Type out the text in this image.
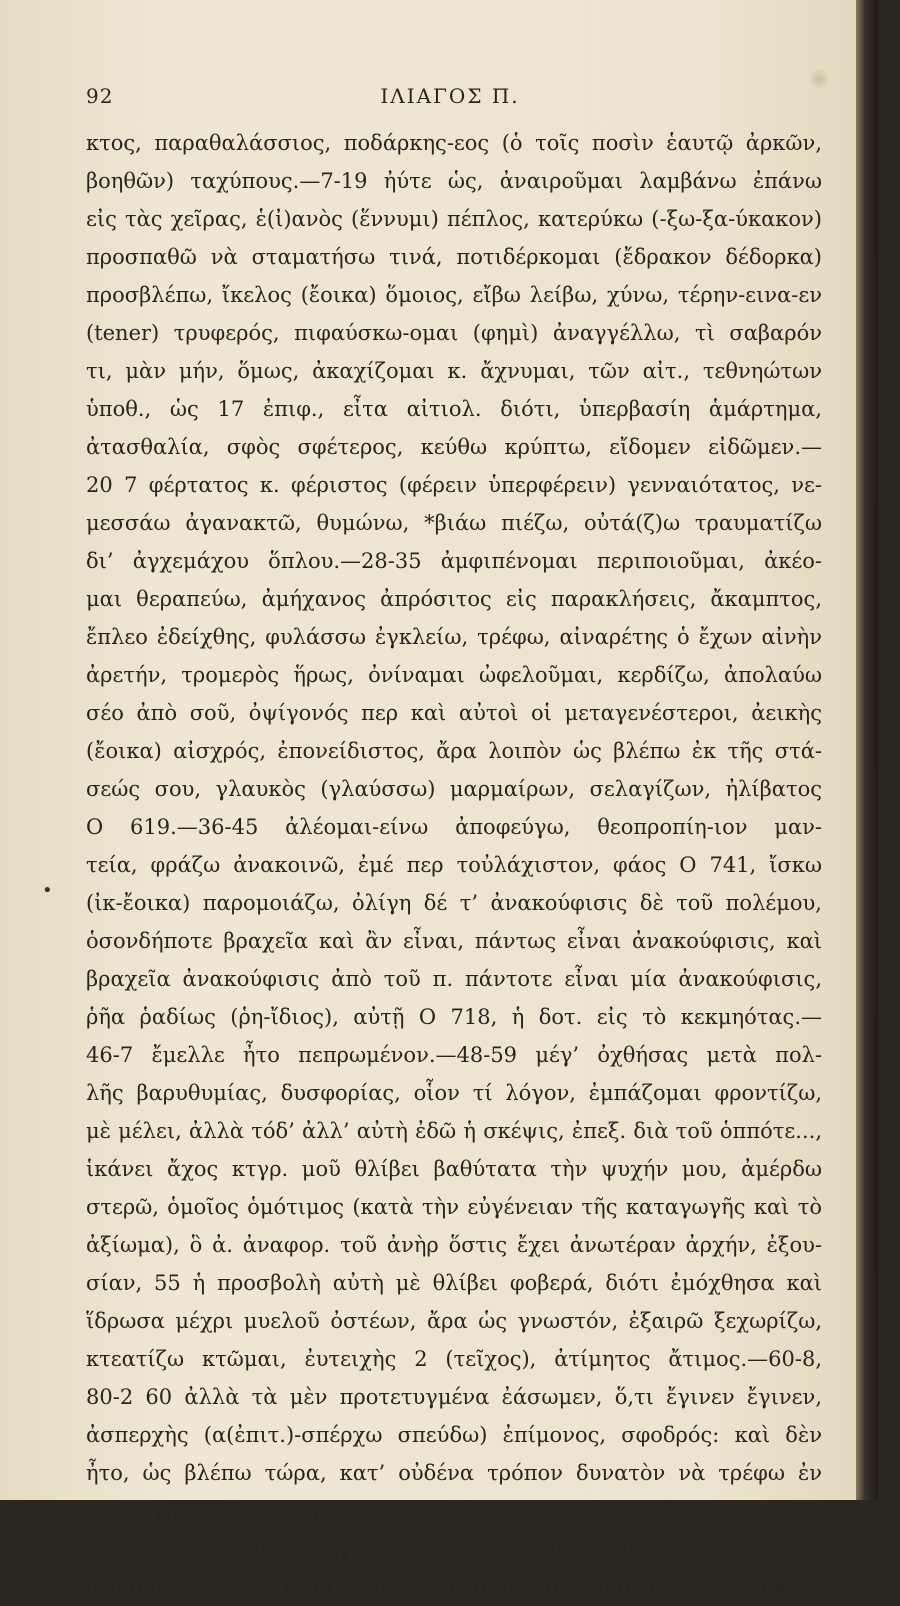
92	ΙΛΙΑΓΟΣ Π.
•
κτος, παραθαλάσσιος, ποδάρκης-εος (ὁ τοῖς ποσὶν ἑαυτῷ ἀρκῶν,
βοηθῶν) ταχύπους.—7-19 ἠύτε ὡς, ἀναιροῦμαι λαμβάνω ἐπάνω
εἰς τὰς χεῖρας, ἑ(ἰ)ανὸς (ἕννυμι) πέπλος, κατερύκω (-ξω-ξα-ύκακον)
προσπαθῶ νὰ σταματήσω τινά, ποτιδέρκομαι (ἔδρακον δέδορκα)
προσβλέπω, ἴκελος (ἔοικα) ὅμοιος, εἴβω λείβω, χύνω, τέρην-εινα-εν
(tener) τρυφερός, πιφαύσκω-ομαι (φημὶ) ἀναγγέλλω, τὶ σαβαρόν
τι, μὰν μήν, ὅμως, ἀκαχίζομαι κ. ἄχνυμαι, τῶν αἰτ., τεθνηώτων
ὑποθ., ὡς 17 ἐπιφ., εἶτα αἰτιολ. διότι, ὑπερβασίη ἁμάρτημα,
ἀτασθαλία, σφὸς σφέτερος, κεύθω κρύπτω, εἴδομεν εἰδῶμεν.—
20 7 φέρτατος κ. φέριστος (φέρειν ὑπερφέρειν) γενναιότατος, νε-
μεσσάω ἀγανακτῶ, θυμώνω, *βιάω πιέζω, οὐτά(ζ)ω τραυματίζω
δι’ ἀγχεμάχου ὅπλου.—28-35 ἀμφιπένομαι περιποιοῦμαι, ἀκέο-
μαι θεραπεύω, ἀμήχανος ἀπρόσιτος εἰς παρακλήσεις, ἄκαμπτος,
ἔπλεο ἐδείχθης, φυλάσσω ἐγκλείω, τρέφω, αἰναρέτης ὁ ἔχων αἰνὴν
ἀρετήν, τρομερὸς ἥρως, ὀνίναμαι ὠφελοῦμαι, κερδίζω, ἀπολαύω
σέο ἀπὸ σοῦ, ὀψίγονός περ καὶ αὐτοὶ οἱ μεταγενέστεροι, ἀεικὴς
(ἔοικα) αἰσχρός, ἐπονείδιστος, ἄρα λοιπὸν ὡς βλέπω ἐκ τῆς στά-
σεώς σου, γλαυκὸς (γλαύσσω) μαρμαίρων, σελαγίζων, ἠλίβατος
Ο 619.—36-45 ἀλέομαι-είνω ἀποφεύγω, θεοπροπίη-ιον μαν-
τεία, φράζω ἀνακοινῶ, ἐμέ περ τοὐλάχιστον, φάος Ο 741, ἴσκω
(ἰκ-ἔοικα) παρομοιάζω, ὀλίγη δέ τ’ ἀνακούφισις δὲ τοῦ πολέμου,
ὁσονδήποτε βραχεῖα καὶ ἂν εἶναι, πάντως εἶναι ἀνακούφισις, καὶ
βραχεῖα ἀνακούφισις ἀπὸ τοῦ π. πάντοτε εἶναι μία ἀνακούφισις,
ῥῆα ῥαδίως (ῥη-ἴδιος), αὐτῇ Ο 718, ἡ δοτ. εἰς τὸ κεκμηότας.—
46-7 ἔμελλε ἦτο πεπρωμένον.—48-59 μέγ’ ὀχθήσας μετὰ πολ-
λῆς βαρυθυμίας, δυσφορίας, οἷον τί λόγον, ἐμπάζομαι φροντίζω,
μὲ μέλει, ἀλλὰ τόδ’ ἀλλ’ αὐτὴ ἐδῶ ἡ σκέψις, ἐπεξ. διὰ τοῦ ὁππότε...,
ἱκάνει ἄχος κτγρ. μοῦ θλίβει βαθύτατα τὴν ψυχήν μου, ἀμέρδω
στερῶ, ὁμοῖος ὁμότιμος (κατὰ τὴν εὐγένειαν τῆς καταγωγῆς καὶ τὸ
ἀξίωμα), ὃ ἀ. ἀναφορ. τοῦ ἀνὴρ ὅστις ἔχει ἀνωτέραν ἀρχήν, ἐξου-
σίαν, 55 ἡ προσβολὴ αὐτὴ μὲ θλίβει φοβερά, διότι ἐμόχθησα καὶ
ἵδρωσα μέχρι μυελοῦ ὀστέων, ἄρα ὡς γνωστόν, ἐξαιρῶ ξεχωρίζω,
κτεατίζω κτῶμαι, ἐυτειχὴς 2 (τεῖχος), ἀτίμητος ἄτιμος.—60-8,
80-2 60 ἀλλὰ τὰ μὲν προτετυγμένα ἐάσωμεν, ὅ,τι ἔγινεν ἔγινεν,
ἀσπερχὴς (α(ἐπιτ.)-σπέρχω σπεύδω) ἐπίμονος, σφοδρός: καὶ δὲν
ἦτο, ὡς βλέπω τώρα, κατ’ οὐδένα τρόπον δυνατὸν νὰ τρέφω ἐν
τῇ ψυχῇ μου ἀκοίμητον τὴν ὀργήν, μηνιθμὸς ἀ. μῆνις, τύνη σύ,
ἄρχε Μ. μάχεσθαι ὁδήγει τοὺς Μ. εἰς τὴν μάχην, κυάνεον νέφος
ὁ μαῦρος σωρὸς (ἢ μαυρίλα) ἔχει ἀποκλείσει πανταχόθεν, ἐπικρα-
